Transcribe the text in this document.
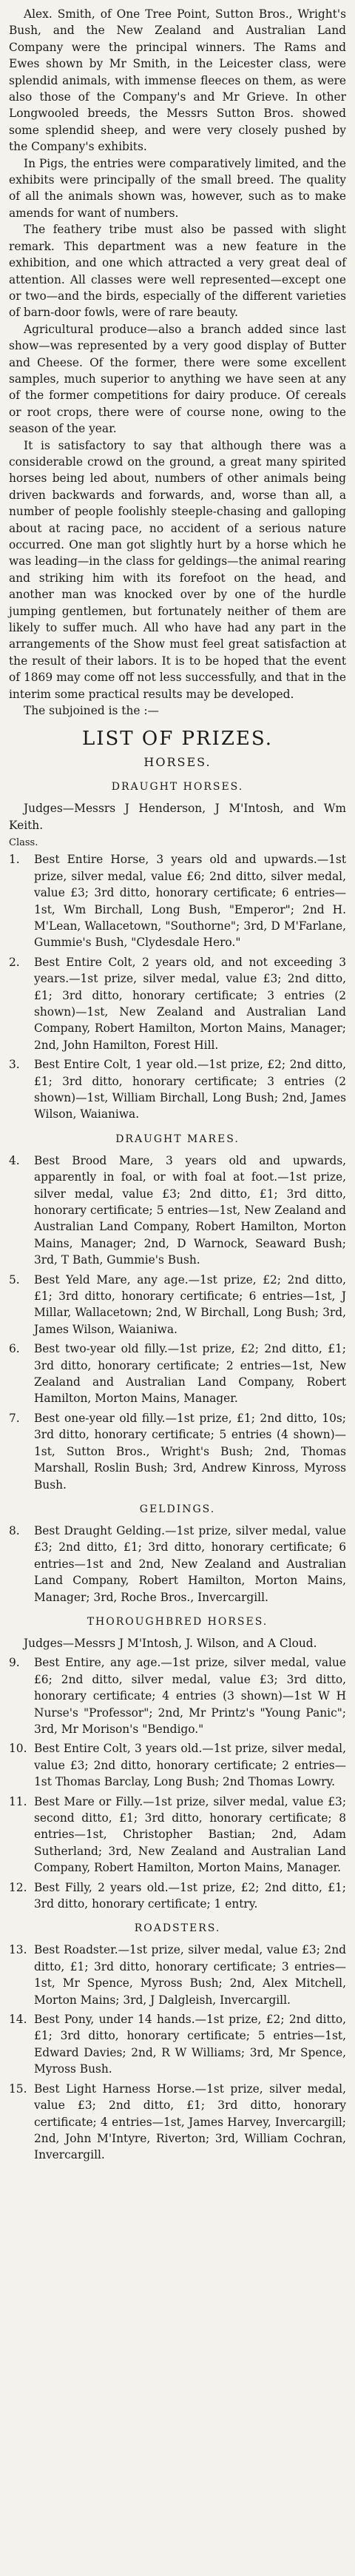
Alex. Smith, of One Tree Point, Sutton Bros., Wright's Bush, and the New Zealand and Australian Land Company were the principal winners. The Rams and Ewes shown by Mr Smith, in the Leicester class, were splendid animals, with immense fleeces on them, as were also those of the Company's and Mr Grieve. In other Longwooled breeds, the Messrs Sutton Bros. showed some splendid sheep, and were very closely pushed by the Company's exhibits.

In Pigs, the entries were comparatively limited, and the exhibits were principally of the small breed. The quality of all the animals shown was, however, such as to make amends for want of numbers.

The feathery tribe must also be passed with slight remark. This department was a new feature in the exhibition, and one which attracted a very great deal of attention. All classes were well represented—except one or two—and the birds, especially of the different varieties of barn-door fowls, were of rare beauty.

Agricultural produce—also a branch added since last show—was represented by a very good display of Butter and Cheese. Of the former, there were some excellent samples, much superior to anything we have seen at any of the former competitions for dairy produce. Of cereals or root crops, there were of course none, owing to the season of the year.

It is satisfactory to say that although there was a considerable crowd on the ground, a great many spirited horses being led about, numbers of other animals being driven backwards and forwards, and, worse than all, a number of people foolishly steeple-chasing and galloping about at racing pace, no accident of a serious nature occurred. One man got slightly hurt by a horse which he was leading—in the class for geldings—the animal rearing and striking him with its forefoot on the head, and another man was knocked over by one of the hurdle jumping gentlemen, but fortunately neither of them are likely to suffer much. All who have had any part in the arrangements of the Show must feel great satisfaction at the result of their labors. It is to be hoped that the event of 1869 may come off not less successfully, and that in the interim some practical results may be developed.

The subjoined is the :—

LIST OF PRIZES.
HORSES.
DRAUGHT HORSES.

Judges—Messrs J Henderson, J M'Intosh, and Wm Keith.

Class.
1.	Best Entire Horse, 3 years old and upwards.—1st prize, silver medal, value £6; 2nd ditto, silver medal, value £3; 3rd ditto, honorary certificate; 6 entries—1st, Wm Birchall, Long Bush, "Emperor"; 2nd H. M'Lean, Wallacetown, "Southorne"; 3rd, D M'Farlane, Gummie's Bush, "Clydesdale Hero."
2.	Best Entire Colt, 2 years old, and not exceeding 3 years.—1st prize, silver medal, value £3; 2nd ditto, £1; 3rd ditto, honorary certificate; 3 entries (2 shown)—1st, New Zealand and Australian Land Company, Robert Hamilton, Morton Mains, Manager; 2nd, John Hamilton, Forest Hill.
3.	Best Entire Colt, 1 year old.—1st prize, £2; 2nd ditto, £1; 3rd ditto, honorary certificate; 3 entries (2 shown)—1st, William Birchall, Long Bush; 2nd, James Wilson, Waianiwa.
DRAUGHT MARES.
4.	Best Brood Mare, 3 years old and upwards, apparently in foal, or with foal at foot.—1st prize, silver medal, value £3; 2nd ditto, £1; 3rd ditto, honorary certificate; 5 entries—1st, New Zealand and Australian Land Company, Robert Hamilton, Morton Mains, Manager; 2nd, D Warnock, Seaward Bush; 3rd, T Bath, Gummie's Bush.
5.	Best Yeld Mare, any age.—1st prize, £2; 2nd ditto, £1; 3rd ditto, honorary certificate; 6 entries—1st, J Millar, Wallacetown; 2nd, W Birchall, Long Bush; 3rd, James Wilson, Waianiwa.
6.	Best two-year old filly.—1st prize, £2; 2nd ditto, £1; 3rd ditto, honorary certificate; 2 entries—1st, New Zealand and Australian Land Company, Robert Hamilton, Morton Mains, Manager.
7.	Best one-year old filly.—1st prize, £1; 2nd ditto, 10s; 3rd ditto, honorary certificate; 5 entries (4 shown)—1st, Sutton Bros., Wright's Bush; 2nd, Thomas Marshall, Roslin Bush; 3rd, Andrew Kinross, Myross Bush.
GELDINGS.
8.	Best Draught Gelding.—1st prize, silver medal, value £3; 2nd ditto, £1; 3rd ditto, honorary certificate; 6 entries—1st and 2nd, New Zealand and Australian Land Company, Robert Hamilton, Morton Mains, Manager; 3rd, Roche Bros., Invercargill.
THOROUGHBRED HORSES.

Judges—Messrs J M'Intosh, J. Wilson, and A Cloud.

9.	Best Entire, any age.—1st prize, silver medal, value £6; 2nd ditto, silver medal, value £3; 3rd ditto, honorary certificate; 4 entries (3 shown)—1st W H Nurse's "Professor"; 2nd, Mr Printz's "Young Panic"; 3rd, Mr Morison's "Bendigo."
10. Best Entire Colt, 3 years old.—1st prize, silver medal, value £3; 2nd ditto, honorary certificate; 2 entries—1st Thomas Barclay, Long Bush; 2nd Thomas Lowry.
11. Best Mare or Filly.—1st prize, silver medal, value £3; second ditto, £1; 3rd ditto, honorary certificate; 8 entries—1st, Christopher Bastian; 2nd, Adam Sutherland; 3rd, New Zealand and Australian Land Company, Robert Hamilton, Morton Mains, Manager.
12. Best Filly, 2 years old.—1st prize, £2; 2nd ditto, £1; 3rd ditto, honorary certificate; 1 entry.
ROADSTERS.
13. Best Roadster.—1st prize, silver medal, value £3; 2nd ditto, £1; 3rd ditto, honorary certificate; 3 entries—1st, Mr Spence, Myross Bush; 2nd, Alex Mitchell, Morton Mains; 3rd, J Dalgleish, Invercargill.
14. Best Pony, under 14 hands.—1st prize, £2; 2nd ditto, £1; 3rd ditto, honorary certificate; 5 entries—1st, Edward Davies; 2nd, R W Williams; 3rd, Mr Spence, Myross Bush.
15. Best Light Harness Horse.—1st prize, silver medal, value £3; 2nd ditto, £1; 3rd ditto, honorary certificate; 4 entries—1st, James Harvey, Invercargill; 2nd, John M'Intyre, Riverton; 3rd, William Cochran, Invercargill.
